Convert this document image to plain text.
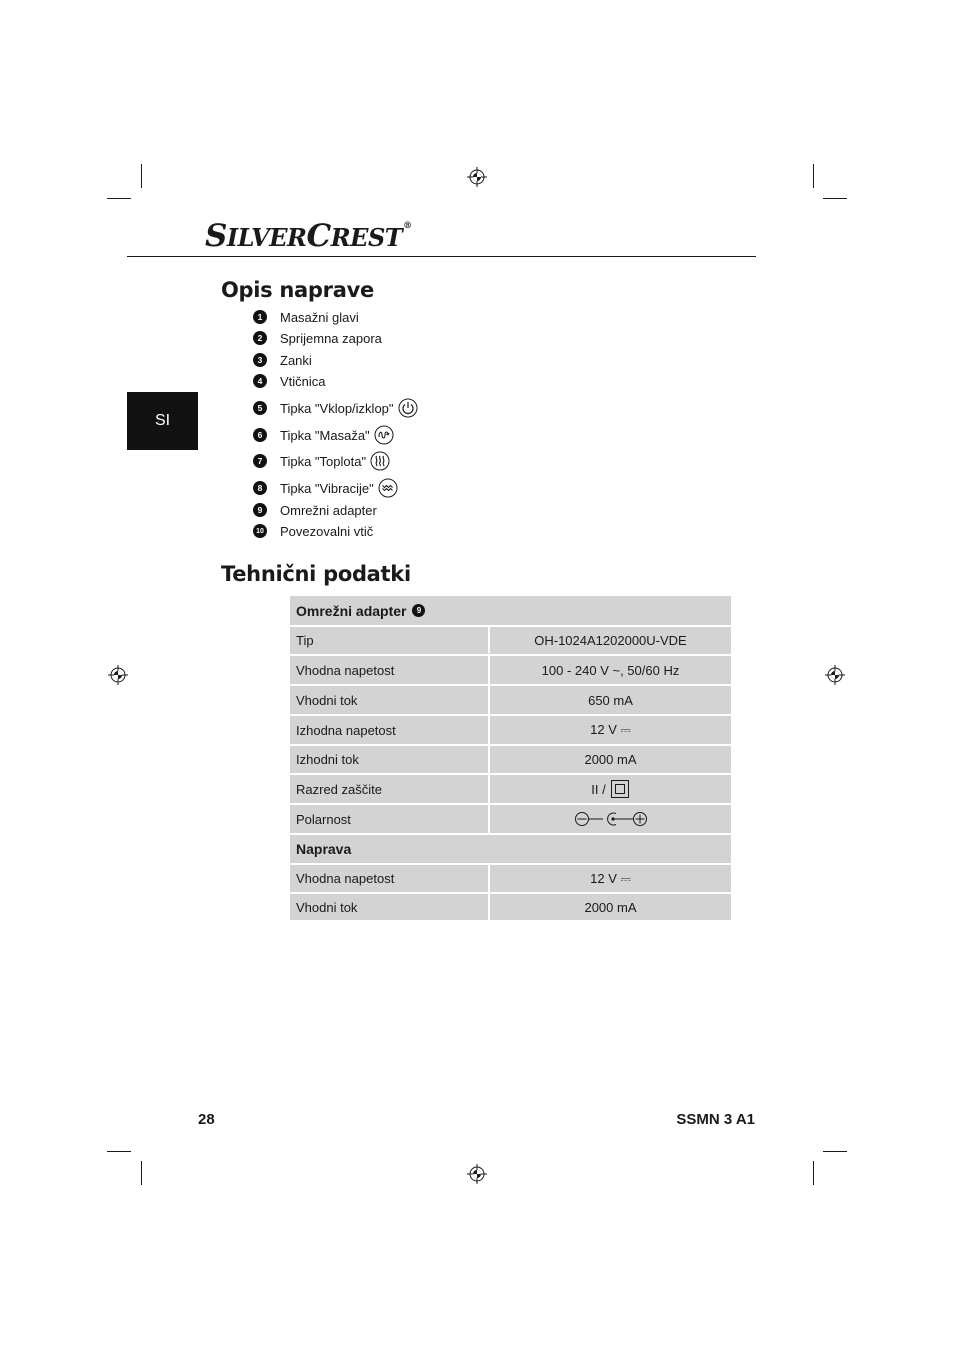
SILVERCREST®
SI
Opis naprave
1	Masažni glavi
2	Sprijemna zapora
3	Zanki
4	Vtičnica
5	Tipka "Vklop/izklop"
6	Tipka "Masaža"
7	Tipka "Toplota"
8	Tipka "Vibracije"
9	Omrežni adapter
10 Povezovalni vtič
Tehnični podatki
Omrežni adapter	9
Tip	OH-1024A1202000U-VDE
Vhodna napetost	100 - 240 V ~, 50/60 Hz
Vhodni tok	650 mA
Izhodna napetost	12 V ⎓
Izhodni tok	2000 mA
Razred zaščite	II /
Polarnost
Naprava
Vhodna napetost	12 V ⎓
Vhodni tok	2000 mA
28	SSMN 3 A1
